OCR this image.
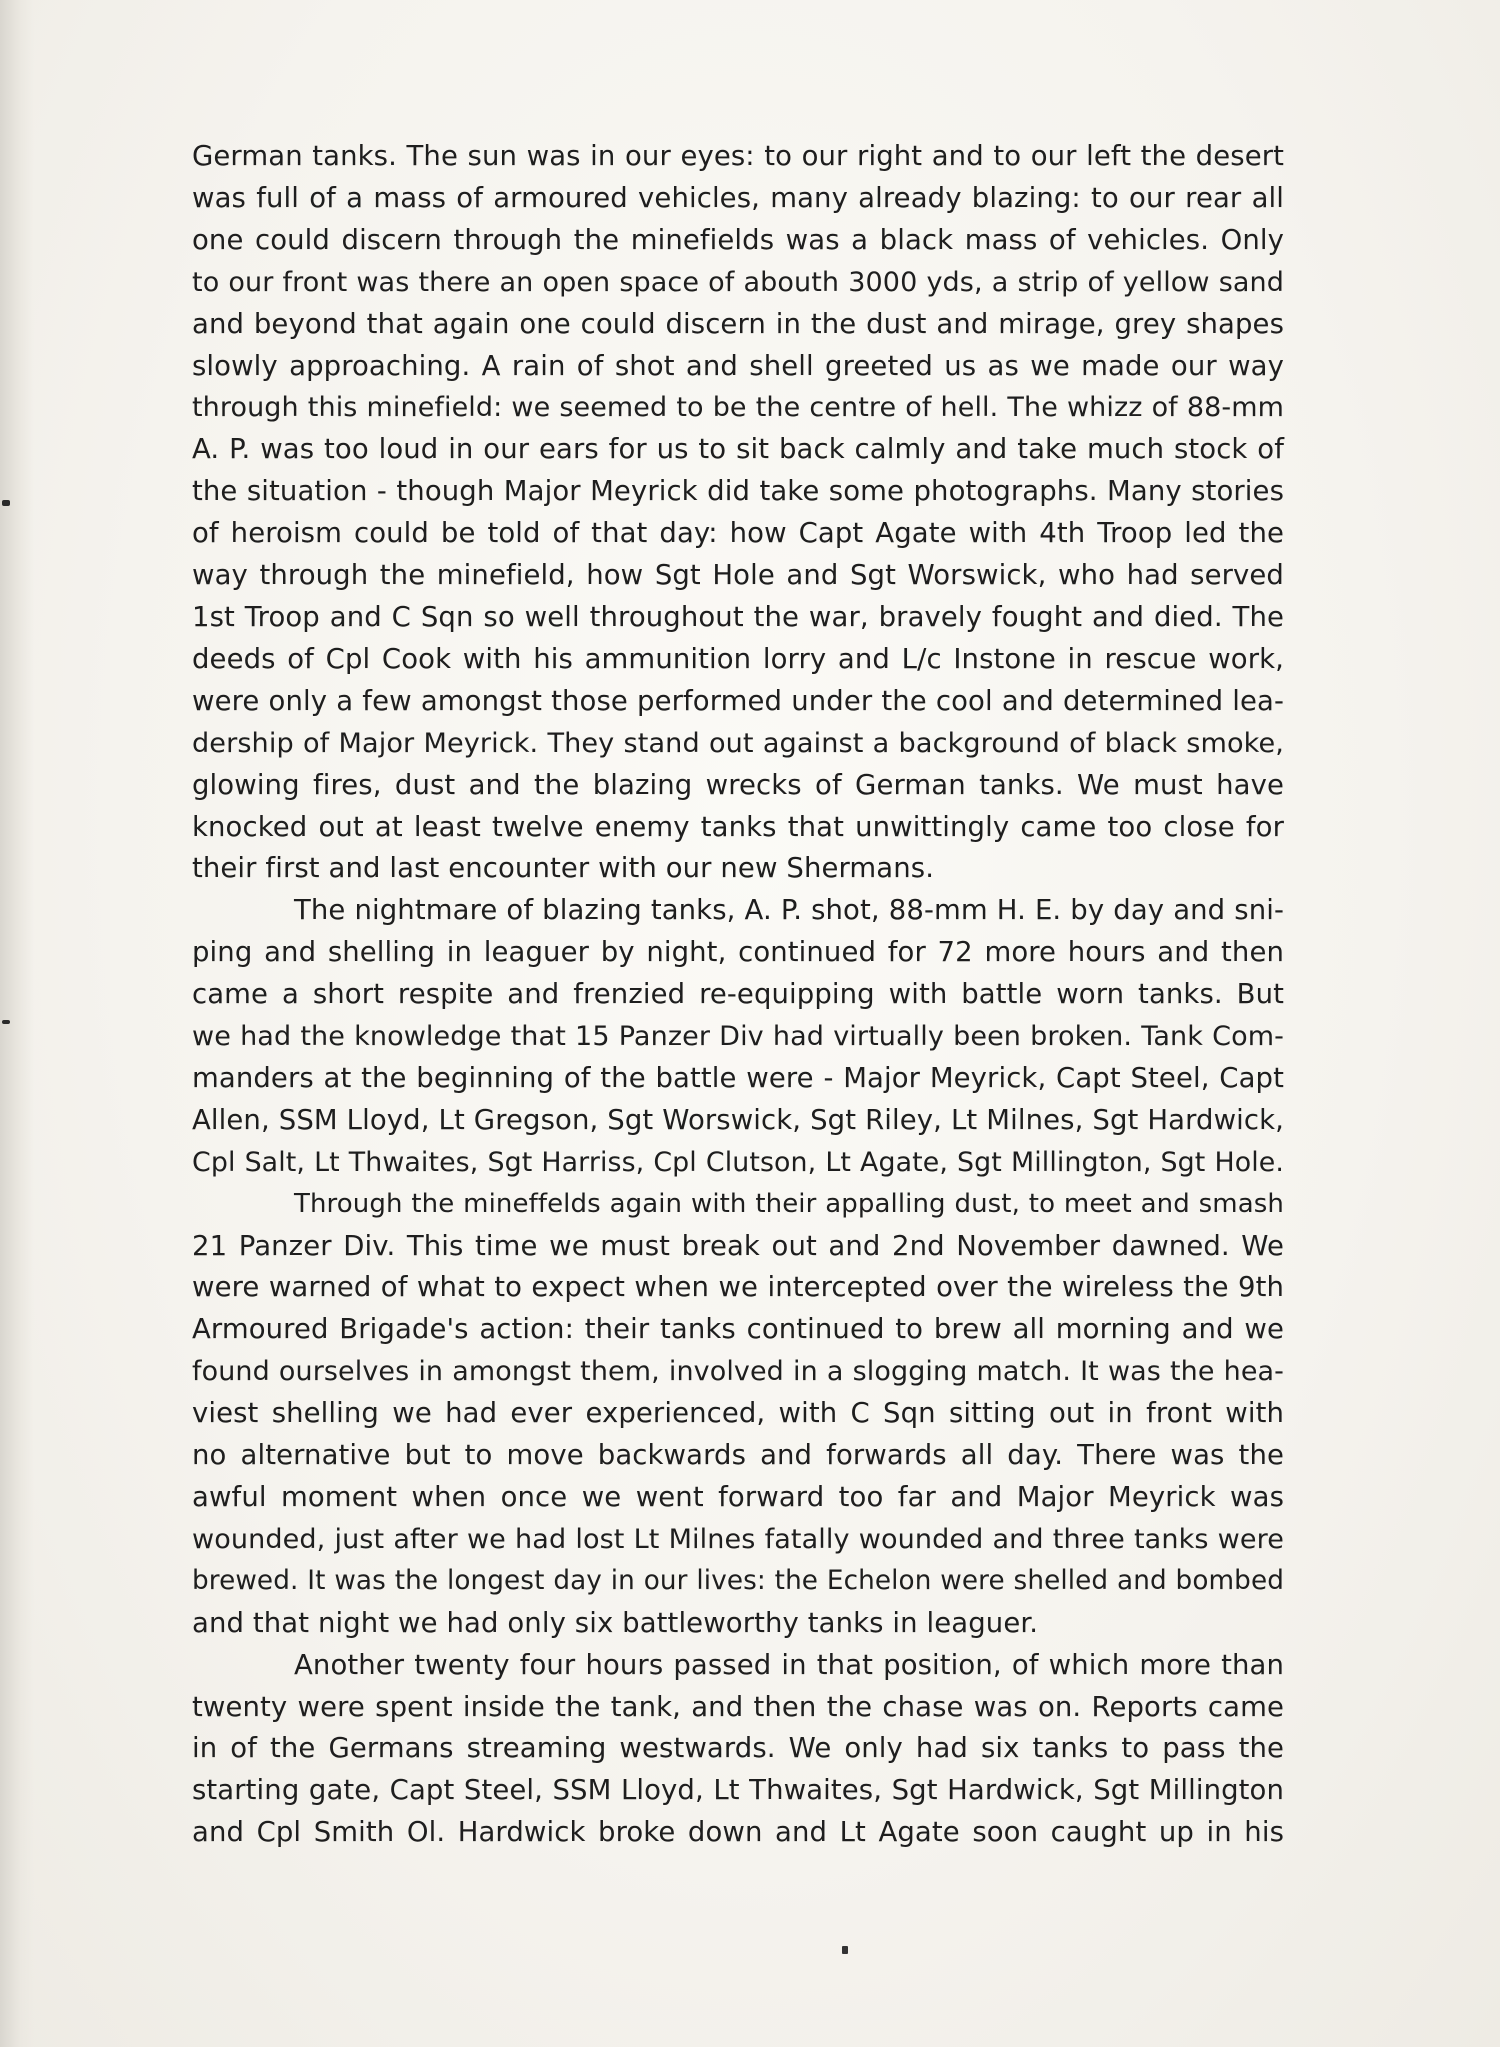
German tanks. The sun was in our eyes: to our right and to our left the desert
was full of a mass of armoured vehicles, many already blazing: to our rear all
one could discern through the minefields was a black mass of vehicles. Only
to our front was there an open space of abouth 3000 yds, a strip of yellow sand
and beyond that again one could discern in the dust and mirage, grey shapes
slowly approaching. A rain of shot and shell greeted us as we made our way
through this minefield: we seemed to be the centre of hell. The whizz of 88-mm
A. P. was too loud in our ears for us to sit back calmly and take much stock of
the situation - though Major Meyrick did take some photographs. Many stories
of heroism could be told of that day: how Capt Agate with 4th Troop led the
way through the minefield, how Sgt Hole and Sgt Worswick, who had served
1st Troop and C Sqn so well throughout the war, bravely fought and died. The
deeds of Cpl Cook with his ammunition lorry and L/c Instone in rescue work,
were only a few amongst those performed under the cool and determined lea-
dership of Major Meyrick. They stand out against a background of black smoke,
glowing fires, dust and the blazing wrecks of German tanks. We must have
knocked out at least twelve enemy tanks that unwittingly came too close for
their first and last encounter with our new Shermans.
The nightmare of blazing tanks, A. P. shot, 88-mm H. E. by day and sni-
ping and shelling in leaguer by night, continued for 72 more hours and then
came a short respite and frenzied re-equipping with battle worn tanks. But
we had the knowledge that 15 Panzer Div had virtually been broken. Tank Com-
manders at the beginning of the battle were - Major Meyrick, Capt Steel, Capt
Allen, SSM Lloyd, Lt Gregson, Sgt Worswick, Sgt Riley, Lt Milnes, Sgt Hardwick,
Cpl Salt, Lt Thwaites, Sgt Harriss, Cpl Clutson, Lt Agate, Sgt Millington, Sgt Hole.
Through the mineffelds again with their appalling dust, to meet and smash
21 Panzer Div. This time we must break out and 2nd November dawned. We
were warned of what to expect when we intercepted over the wireless the 9th
Armoured Brigade's action: their tanks continued to brew all morning and we
found ourselves in amongst them, involved in a slogging match. It was the hea-
viest shelling we had ever experienced, with C Sqn sitting out in front with
no alternative but to move backwards and forwards all day. There was the
awful moment when once we went forward too far and Major Meyrick was
wounded, just after we had lost Lt Milnes fatally wounded and three tanks were
brewed. It was the longest day in our lives: the Echelon were shelled and bombed
and that night we had only six battleworthy tanks in leaguer.
Another twenty four hours passed in that position, of which more than
twenty were spent inside the tank, and then the chase was on. Reports came
in of the Germans streaming westwards. We only had six tanks to pass the
starting gate, Capt Steel, SSM Lloyd, Lt Thwaites, Sgt Hardwick, Sgt Millington
and Cpl Smith Ol. Hardwick broke down and Lt Agate soon caught up in his
